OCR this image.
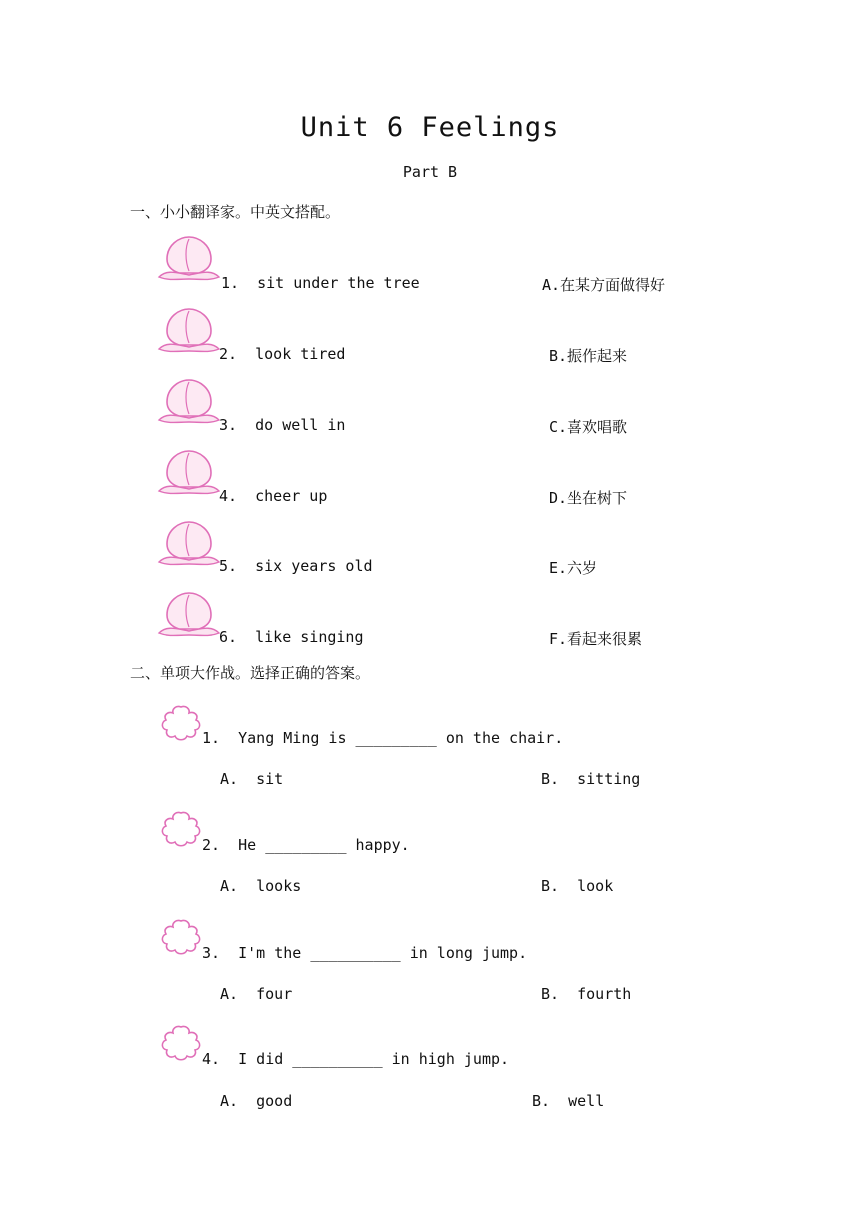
Unit 6 Feelings
Part B
一、小小翻译家。中英文搭配。
1.  sit under the tree	A.在某方面做得好
2.  look tired	B.振作起来
3.  do well in	C.喜欢唱歌
4.  cheer up	D.坐在树下
5.  six years old	E.六岁
6.  like singing	F.看起来很累
二、单项大作战。选择正确的答案。
1.  Yang Ming is _________ on the chair.
A.  sit	B.  sitting
2.  He _________ happy.
A.  looks	B.  look
3.  I'm the __________ in long jump.
A.  four	B.  fourth
4.  I did __________ in high jump.
A.  good	B.  well
